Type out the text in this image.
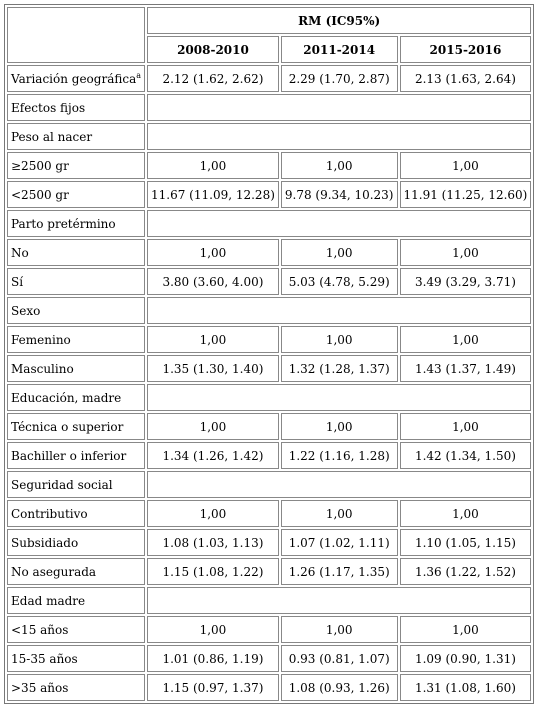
	RM (IC95%)		
	2008-2010	2011-2014	2015-2016
Variación geográfica$^a$	2.12 (1.62, 2.62)	2.29 (1.70, 2.87)	2.13 (1.63, 2.64)
Efectos fijos			
Peso al nacer			
≥2500 gr	1,00	1,00	1,00
<2500 gr	11.67 (11.09, 12.28)	9.78 (9.34, 10.23)	11.91 (11.25, 12.60)
Parto pretérmino			
No	1,00	1,00	1,00
Sí	3.80 (3.60, 4.00)	5.03 (4.78, 5.29)	3.49 (3.29, 3.71)
Sexo			
Femenino	1,00	1,00	1,00
Masculino	1.35 (1.30, 1.40)	1.32 (1.28, 1.37)	1.43 (1.37, 1.49)
Educación, madre			
Técnica o superior	1,00	1,00	1,00
Bachiller o inferior	1.34 (1.26, 1.42)	1.22 (1.16, 1.28)	1.42 (1.34, 1.50)
Seguridad social			
Contributivo	1,00	1,00	1,00
Subsidiado	1.08 (1.03, 1.13)	1.07 (1.02, 1.11)	1.10 (1.05, 1.15)
No asegurada	1.15 (1.08, 1.22)	1.26 (1.17, 1.35)	1.36 (1.22, 1.52)
Edad madre			
<15 años	1,00	1,00	1,00
15-35 años	1.01 (0.86, 1.19)	0.93 (0.81, 1.07)	1.09 (0.90, 1.31)
>35 años	1.15 (0.97, 1.37)	1.08 (0.93, 1.26)	1.31 (1.08, 1.60)
